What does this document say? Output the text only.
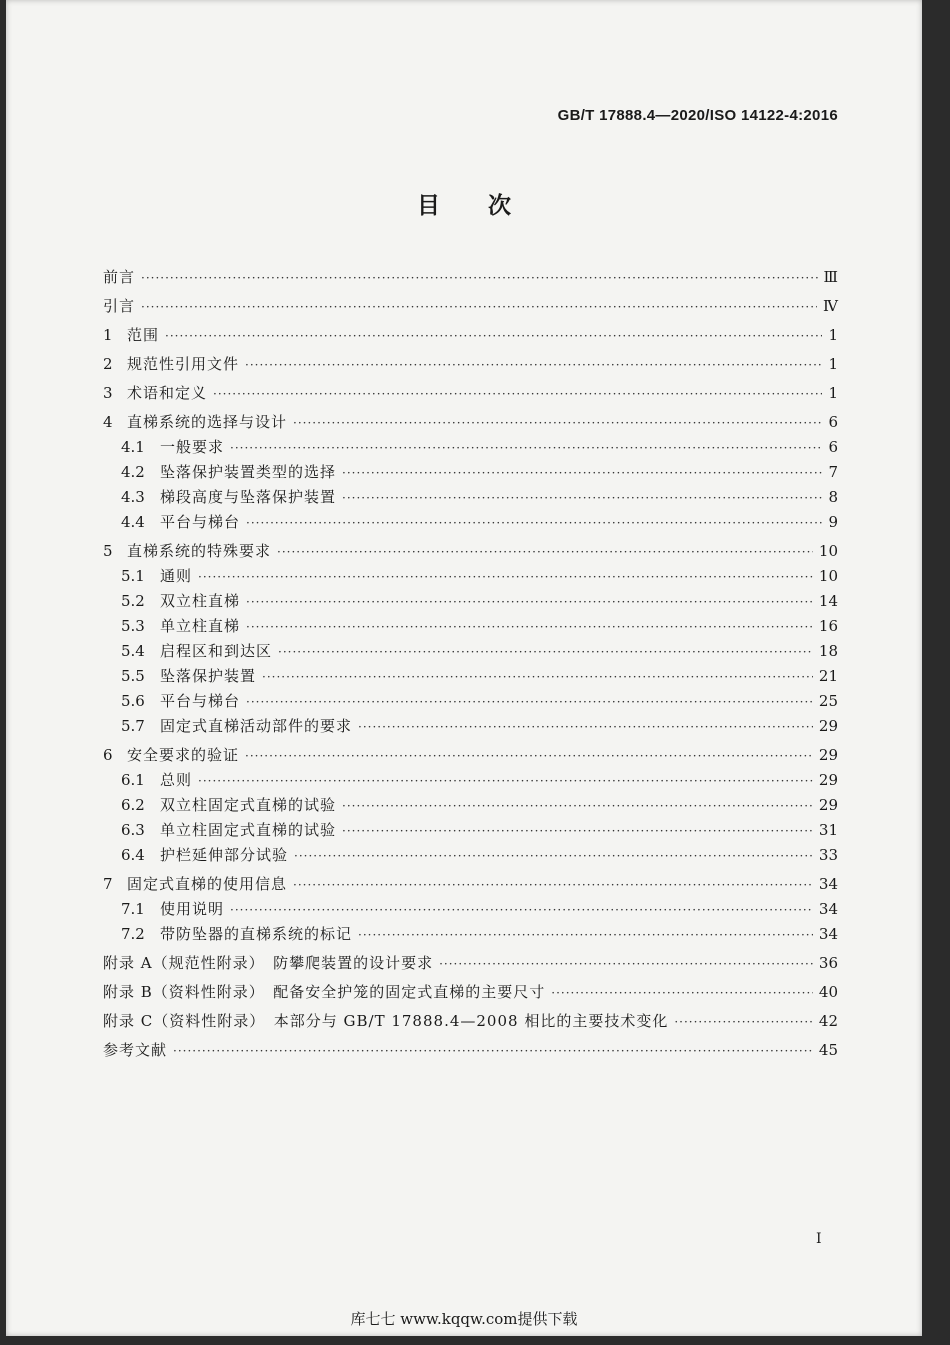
GB/T 17888.4—2020/ISO 14122-4:2016
目次
前言 ·····	Ⅲ
引言 ·····	Ⅳ
1 范围 ·····	1
2 规范性引用文件 ·····	1
3 术语和定义 ·····	1
4 直梯系统的选择与设计 ·····	6
4.1	一般要求 ·····	6
4.2	坠落保护装置类型的选择 ·····	7
4.3	梯段高度与坠落保护装置 ·····	8
4.4	平台与梯台 ·····	9
5 直梯系统的特殊要求 ·····	10
5.1	通则 ·····	10
5.2	双立柱直梯 ·····	14
5.3	单立柱直梯 ·····	16
5.4	启程区和到达区 ·····	18
5.5	坠落保护装置 ·····	21
5.6	平台与梯台 ·····	25
5.7	固定式直梯活动部件的要求 ·····	29
6 安全要求的验证 ·····	29
6.1	总则 ·····	29
6.2	双立柱固定式直梯的试验 ·····	29
6.3	单立柱固定式直梯的试验 ·····	31
6.4	护栏延伸部分试验 ·····	33
7 固定式直梯的使用信息 ·····	34
7.1	使用说明 ·····	34
7.2	带防坠器的直梯系统的标记 ·····	34
附录 A（规范性附录）　防攀爬装置的设计要求 ·····	36
附录 B（资料性附录）　配备安全护笼的固定式直梯的主要尺寸 ·····	40
附录 C（资料性附录）　本部分与 GB/T 17888.4—2008 相比的主要技术变化 ·····	42
参考文献 ·····	45
Ⅰ
库七七 www.kqqw.com提供下载
